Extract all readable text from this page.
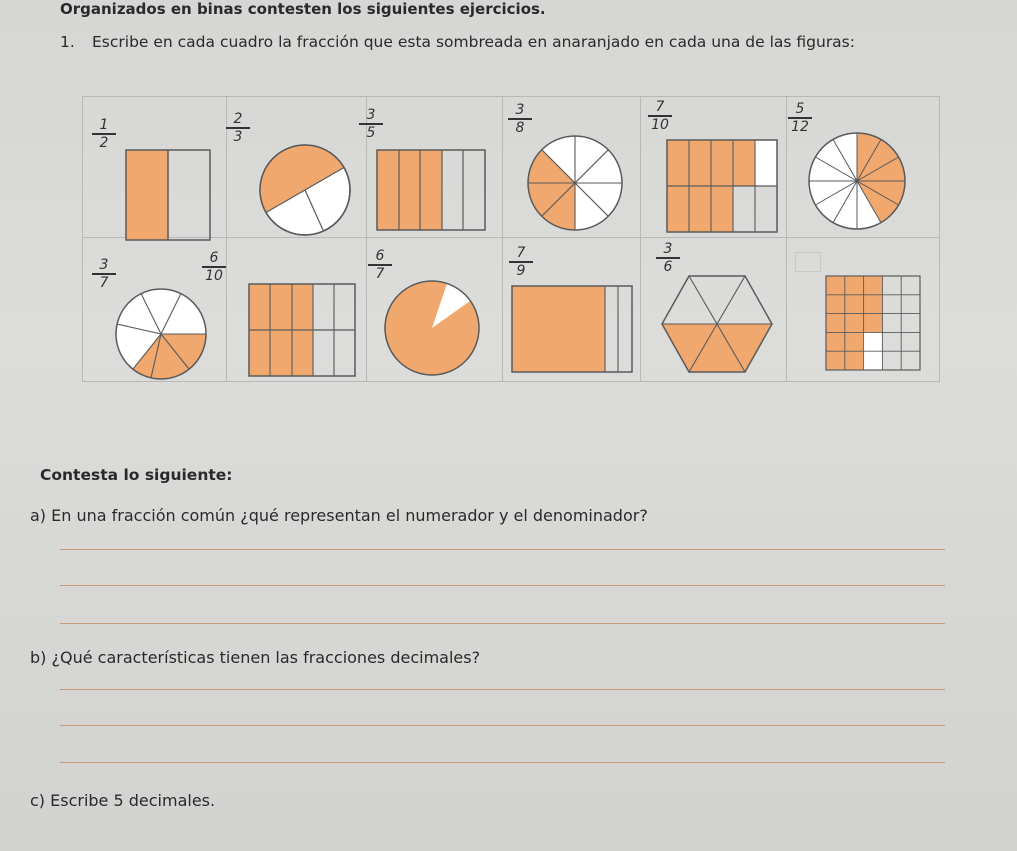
Organizados en binas contesten los siguientes ejercicios.
1. Escribe en cada cuadro la fracción que esta sombreada en anaranjado en cada una de las figuras:
1
2
2
3
3
5
3
8
7
10
5
12
3
7
6
10
6
7
7
9
3
6
Contesta lo siguiente:
a) En una fracción común ¿qué representan el numerador y el denominador?
b) ¿Qué características tienen las fracciones decimales?
c) Escribe 5 decimales.
